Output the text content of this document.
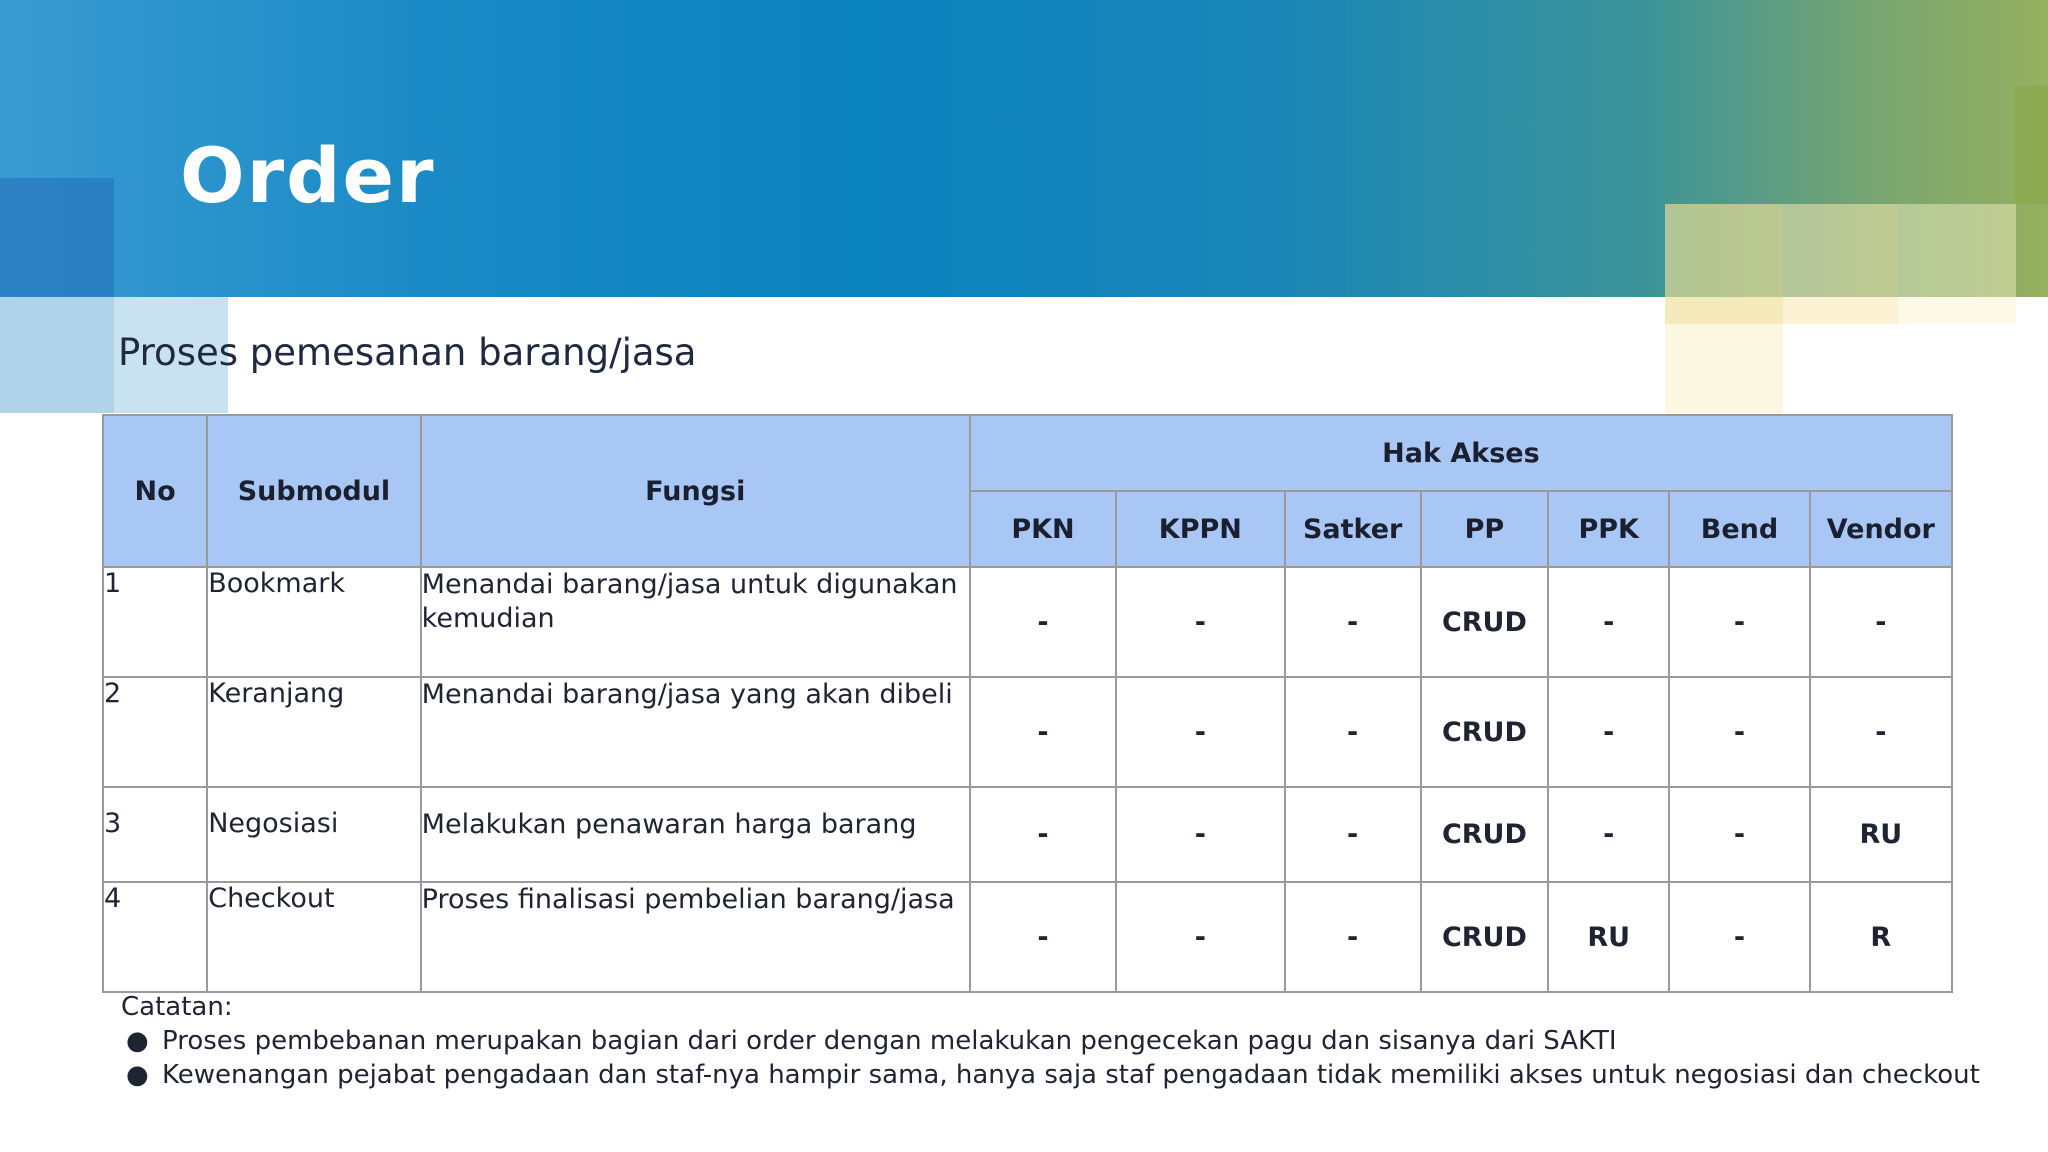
Order
Proses pemesanan barang/jasa
No	Submodul	Fungsi	Hak Akses						
			PKN	KPPN	Satker	PP	PPK	Bend	Vendor
1	Bookmark	Menandai barang/jasa untuk digunakan kemudian	-	-	-	CRUD	-	-	-
2	Keranjang	Menandai barang/jasa yang akan dibeli	-	-	-	CRUD	-	-	-
3	Negosiasi	Melakukan penawaran harga barang	-	-	-	CRUD	-	-	RU
4	Checkout	Proses finalisasi pembelian barang/jasa	-	-	-	CRUD	RU	-	R
Catatan:
● Proses pembebanan merupakan bagian dari order dengan melakukan pengecekan pagu dan sisanya dari SAKTI
● Kewenangan pejabat pengadaan dan staf-nya hampir sama, hanya saja staf pengadaan tidak memiliki akses untuk negosiasi dan checkout
